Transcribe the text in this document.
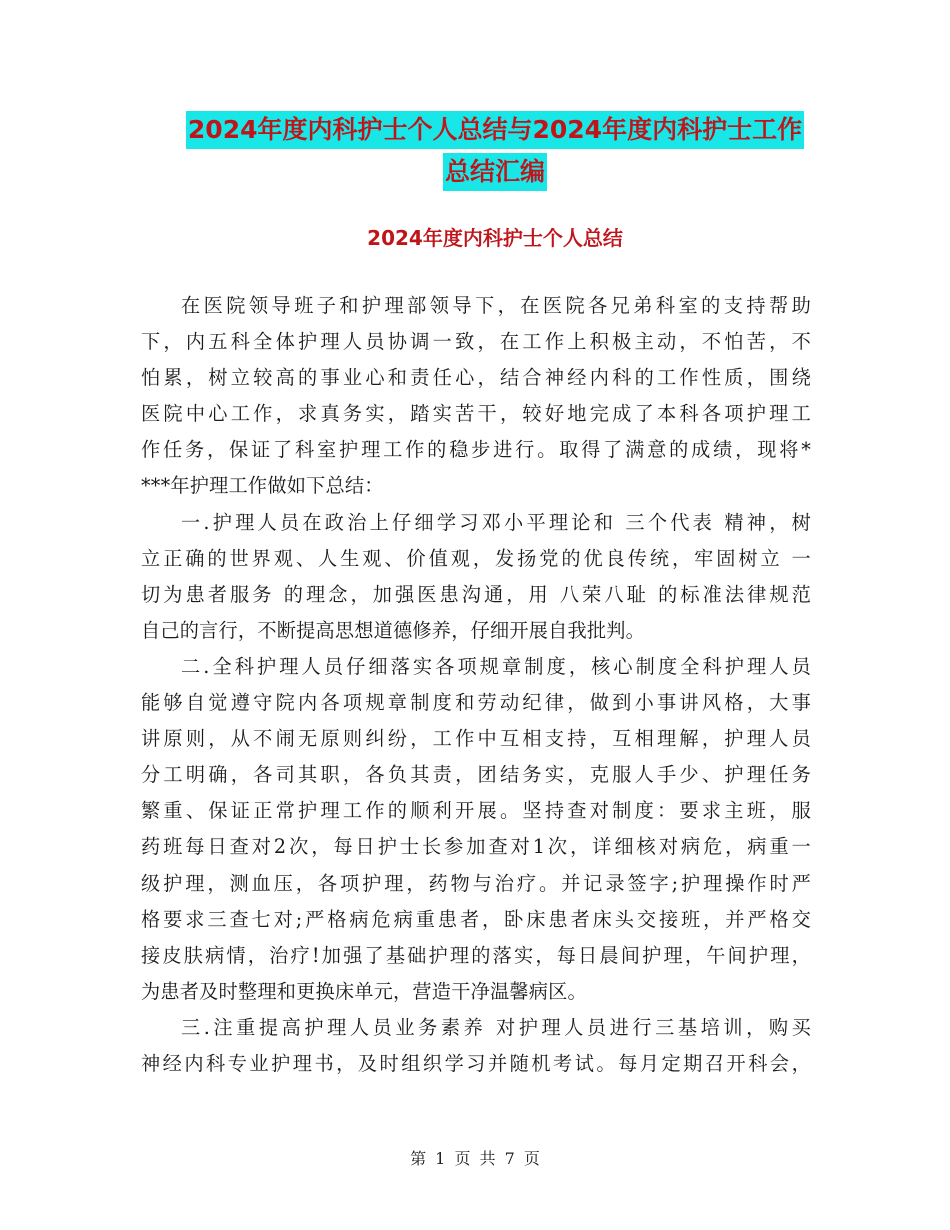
2024年度内科护士个人总结与2024年度内科护士工作
总结汇编
2024年度内科护士个人总结
在医院领导班子和护理部领导下，在医院各兄弟科室的支持帮助
下，内五科全体护理人员协调一致，在工作上积极主动，不怕苦，不
怕累，树立较高的事业心和责任心，结合神经内科的工作性质，围绕
医院中心工作，求真务实，踏实苦干，较好地完成了本科各项护理工
作任务，保证了科室护理工作的稳步进行。取得了满意的成绩，现将*
***年护理工作做如下总结：
一.护理人员在政治上仔细学习邓小平理论和 三个代表 精神，树
立正确的世界观、人生观、价值观，发扬党的优良传统，牢固树立 一
切为患者服务 的理念，加强医患沟通，用 八荣八耻 的标准法律规范
自己的言行，不断提高思想道德修养，仔细开展自我批判。
二.全科护理人员仔细落实各项规章制度，核心制度全科护理人员
能够自觉遵守院内各项规章制度和劳动纪律，做到小事讲风格，大事
讲原则，从不闹无原则纠纷，工作中互相支持，互相理解，护理人员
分工明确，各司其职，各负其责，团结务实，克服人手少、护理任务
繁重、保证正常护理工作的顺利开展。坚持查对制度：要求主班，服
药班每日查对2次，每日护士长参加查对1次，详细核对病危，病重一
级护理，测血压，各项护理，药物与治疗。并记录签字;护理操作时严
格要求三查七对;严格病危病重患者，卧床患者床头交接班，并严格交
接皮肤病情，治疗!加强了基础护理的落实，每日晨间护理，午间护理，
为患者及时整理和更换床单元，营造干净温馨病区。
三.注重提高护理人员业务素养 对护理人员进行三基培训，购买
神经内科专业护理书，及时组织学习并随机考试。每月定期召开科会，
第 1 页 共 7 页
